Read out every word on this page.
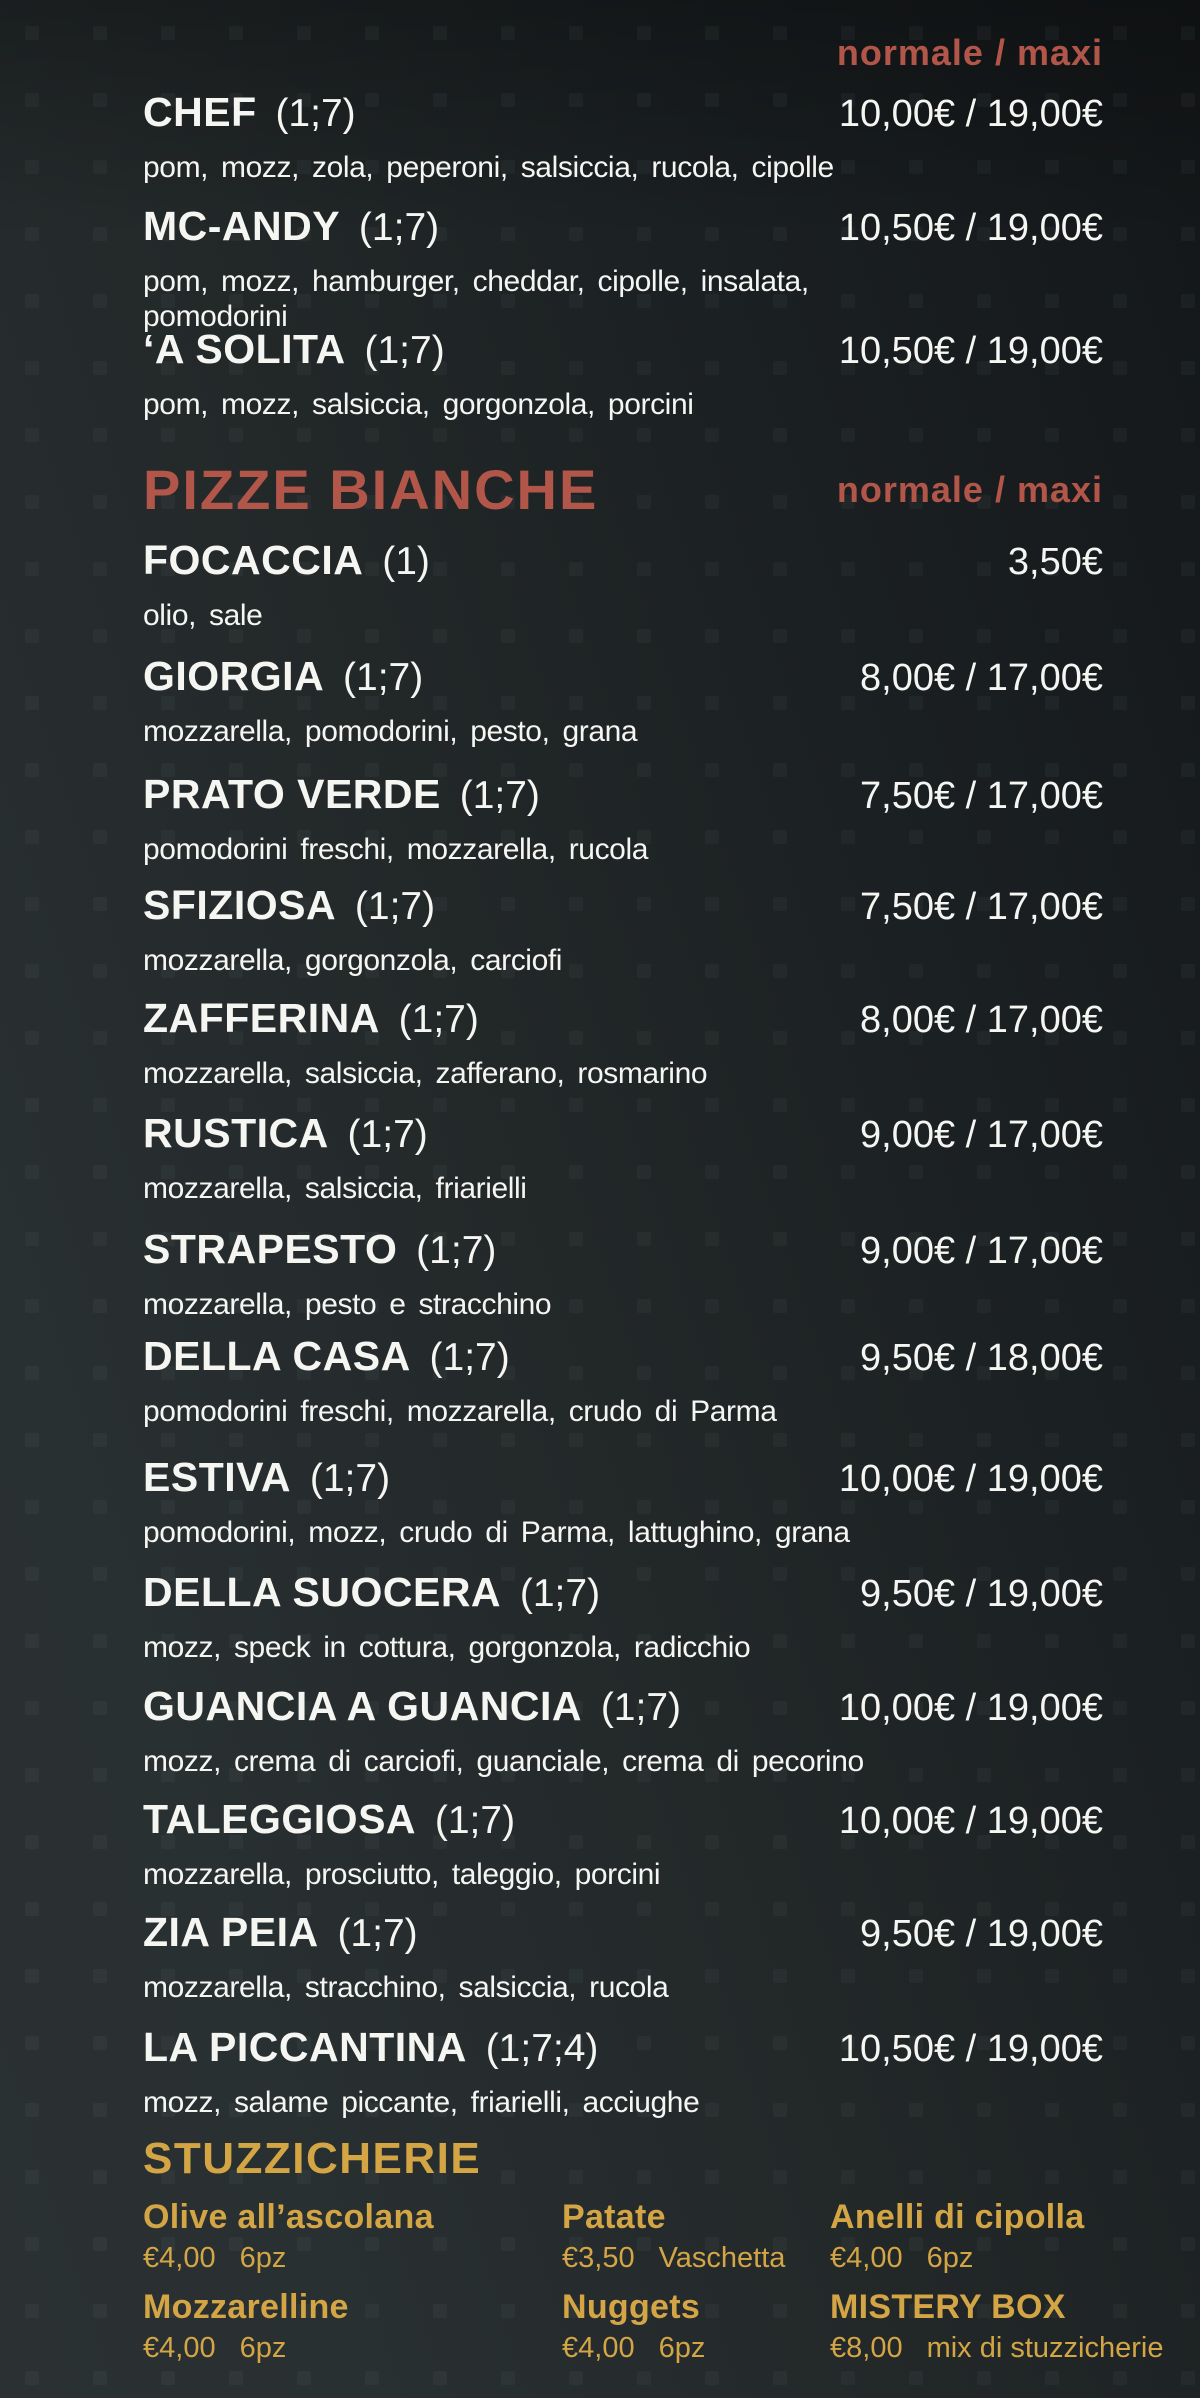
normale / maxi
CHEF (1;7)
pom, mozz, zola, peperoni, salsiccia, rucola, cipolle
10,00€ / 19,00€
MC-ANDY (1;7)
pom, mozz, hamburger, cheddar, cipolle, insalata, pomodorini
10,50€ / 19,00€
‘A SOLITA (1;7)
pom, mozz, salsiccia, gorgonzola, porcini
10,50€ / 19,00€
PIZZE BIANCHE	normale / maxi
FOCACCIA (1)
olio, sale
3,50€
GIORGIA (1;7)
mozzarella, pomodorini, pesto, grana
8,00€ / 17,00€
PRATO VERDE (1;7)
pomodorini freschi, mozzarella, rucola
7,50€ / 17,00€
SFIZIOSA (1;7)
mozzarella, gorgonzola, carciofi
7,50€ / 17,00€
ZAFFERINA (1;7)
mozzarella, salsiccia, zafferano, rosmarino
8,00€ / 17,00€
RUSTICA (1;7)
mozzarella, salsiccia, friarielli
9,00€ / 17,00€
STRAPESTO (1;7)
mozzarella, pesto e stracchino
9,00€ / 17,00€
DELLA CASA (1;7)
pomodorini freschi, mozzarella, crudo di Parma
9,50€ / 18,00€
ESTIVA (1;7)
pomodorini, mozz, crudo di Parma, lattughino, grana
10,00€ / 19,00€
DELLA SUOCERA (1;7)
mozz, speck in cottura, gorgonzola, radicchio
9,50€ / 19,00€
GUANCIA A GUANCIA (1;7)
mozz, crema di carciofi, guanciale, crema di pecorino
10,00€ / 19,00€
TALEGGIOSA (1;7)
mozzarella, prosciutto, taleggio, porcini
10,00€ / 19,00€
ZIA PEIA (1;7)
mozzarella, stracchino, salsiccia, rucola
9,50€ / 19,00€
LA PICCANTINA (1;7;4)
mozz, salame piccante, friarielli, acciughe
10,50€ / 19,00€
STUZZICHERIE
Olive all’ascolana
€4,00 6pz
Patate
€3,50 Vaschetta
Anelli di cipolla
€4,00 6pz
Mozzarelline
€4,00 6pz
Nuggets
€4,00 6pz
MISTERY BOX
€8,00 mix di stuzzicherie
